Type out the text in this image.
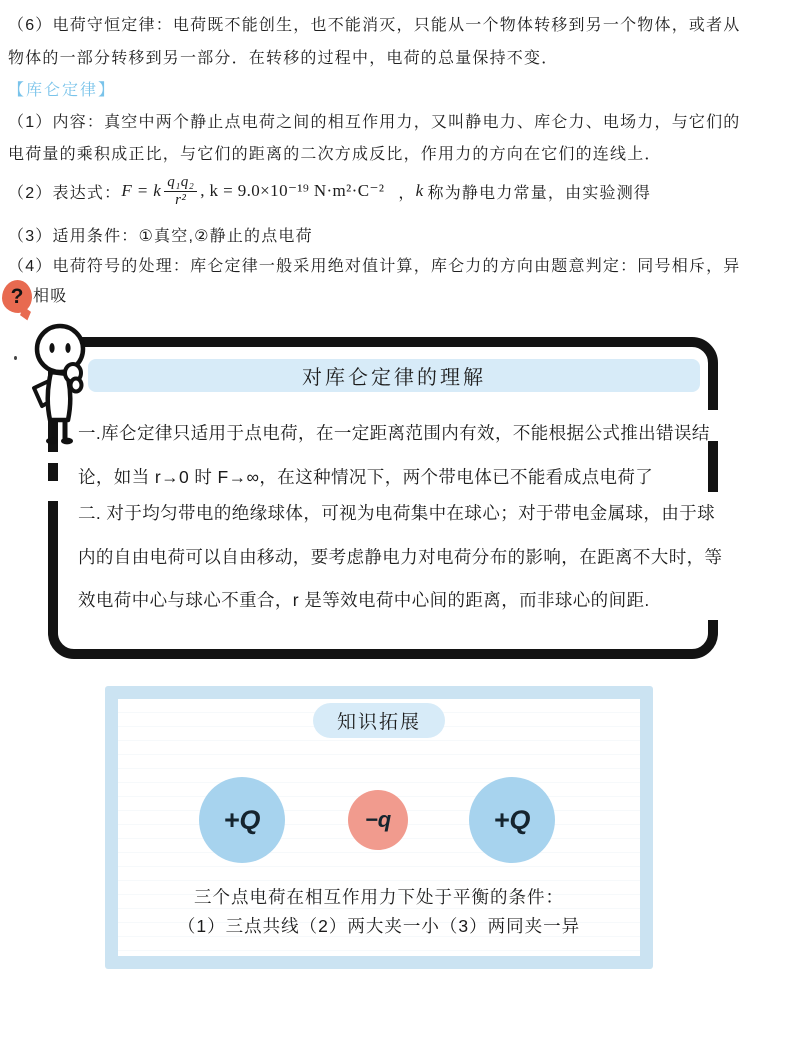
（6）电荷守恒定律：电荷既不能创生，也不能消灭，只能从一个物体转移到另一个物体，或者从
物体的一部分转移到另一部分．在转移的过程中，电荷的总量保持不变．
【库仑定律】
（1）内容：真空中两个静止点电荷之间的相互作用力，又叫静电力、库仑力、电场力，与它们的
电荷量的乘积成正比，与它们的距离的二次方成反比，作用力的方向在它们的连线上．
（2）表达式： F = k $\frac{\text{q₁q₂}}{\text{r²}}$ , k = 9.0×10⁻¹⁹ N·m²·C⁻² ， k 称为静电力常量，由实验测得
（3）适用条件：①真空,②静止的点电荷
（4）电荷符号的处理：库仑定律一般采用绝对值计算，库仑力的方向由题意判定：同号相斥，异
相吸
?
对库仑定律的理解
一.库仑定律只适用于点电荷，在一定距离范围内有效，不能根据公式推出错误结
论，如当 r→0 时 F→∞，在这种情况下，两个带电体已不能看成点电荷了
二. 对于均匀带电的绝缘球体，可视为电荷集中在球心；对于带电金属球，由于球
内的自由电荷可以自由移动，要考虑静电力对电荷分布的影响，在距离不大时，等
效电荷中心与球心不重合，r 是等效电荷中心间的距离，而非球心的间距.
知识拓展
+Q	−q	+Q
三个点电荷在相互作用力下处于平衡的条件：
（1）三点共线（2）两大夹一小（3）两同夹一异
